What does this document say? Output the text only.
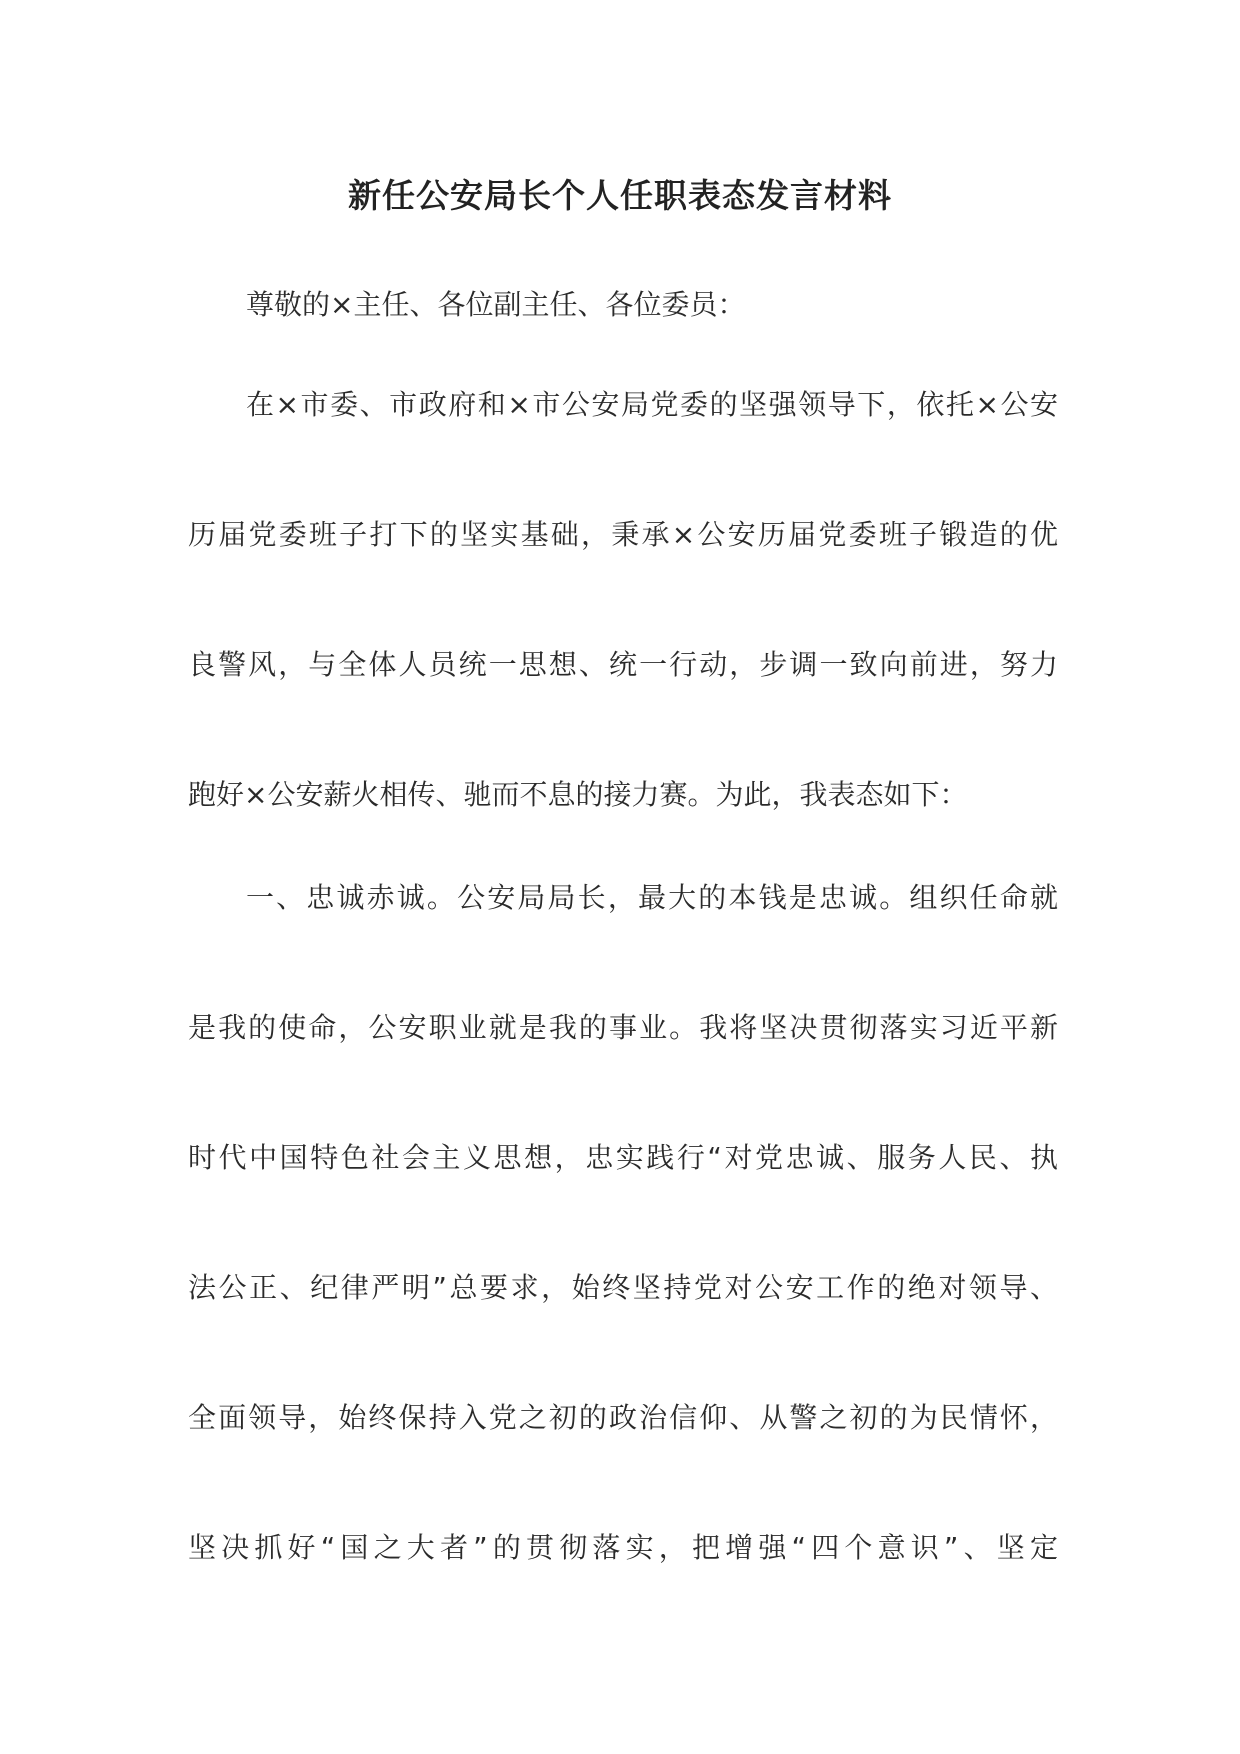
新任公安局长个人任职表态发言材料
尊敬的×主任、各位副主任、各位委员：
在×市委、市政府和×市公安局党委的坚强领导下，依托×公安
历届党委班子打下的坚实基础，秉承×公安历届党委班子锻造的优
良警风，与全体人员统一思想、统一行动，步调一致向前进，努力
跑好×公安薪火相传、驰而不息的接力赛。为此，我表态如下：
一、忠诚赤诚。公安局局长，最大的本钱是忠诚。组织任命就
是我的使命，公安职业就是我的事业。我将坚决贯彻落实习近平新
时代中国特色社会主义思想，忠实践行“对党忠诚、服务人民、执
法公正、纪律严明”总要求，始终坚持党对公安工作的绝对领导、
全面领导，始终保持入党之初的政治信仰、从警之初的为民情怀，
坚决抓好“国之大者”的贯彻落实，把增强“四个意识”、坚定
